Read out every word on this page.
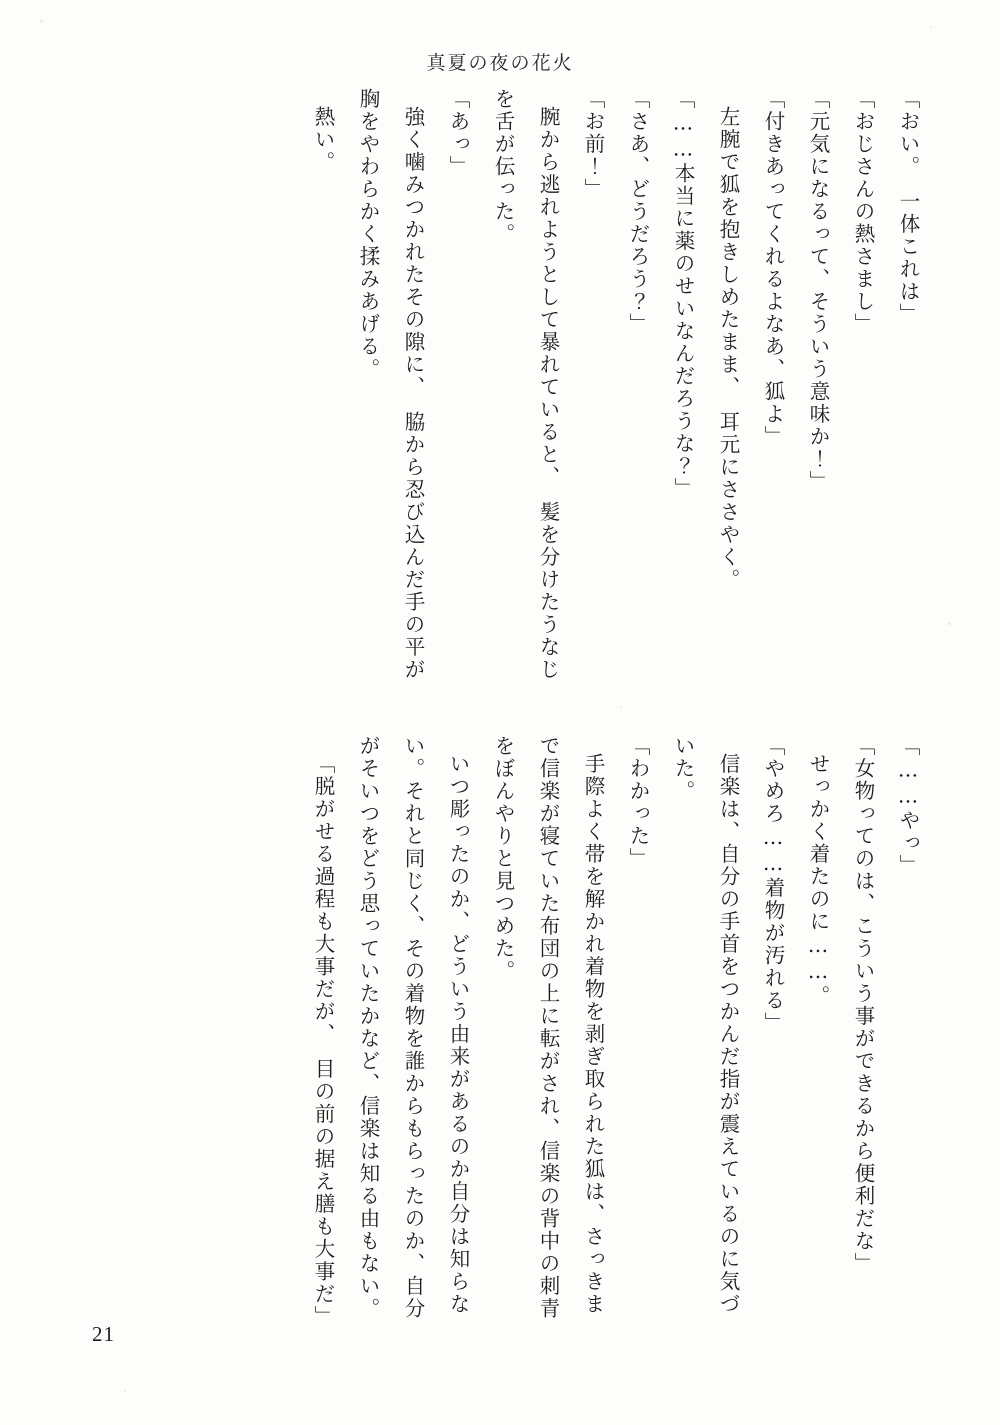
真夏の夜の花火
「おい。　一体これは」
「おじさんの熱さまし」
「元気になるって、そういう意味か！」
「付きあってくれるよなあ、狐よ」
左腕で狐を抱きしめたまま、　耳元にささやく。
「……本当に薬のせいなんだろうな？」
「さあ、どうだろう？」
「お前！」
腕から逃れようとして暴れていると、　髪を分けたうなじ
を舌が伝った。
「あっ」
強く噛みつかれたその隙に、　脇から忍び込んだ手の平が
胸をやわらかく揉みあげる。
熱い。
「……やっ」
「女物ってのは、こういう事ができるから便利だな」
せっかく着たのに……。
「やめろ……着物が汚れる」
信楽は、自分の手首をつかんだ指が震えているのに気づ
いた。
「わかった」
手際よく帯を解かれ着物を剥ぎ取られた狐は、さっきま
で信楽が寝ていた布団の上に転がされ、信楽の背中の刺青
をぼんやりと見つめた。
いつ彫ったのか、どういう由来があるのか自分は知らな
い。それと同じく、その着物を誰からもらったのか、自分
がそいつをどう思っていたかなど、信楽は知る由もない。
「脱がせる過程も大事だが、　目の前の据え膳も大事だ」
21
